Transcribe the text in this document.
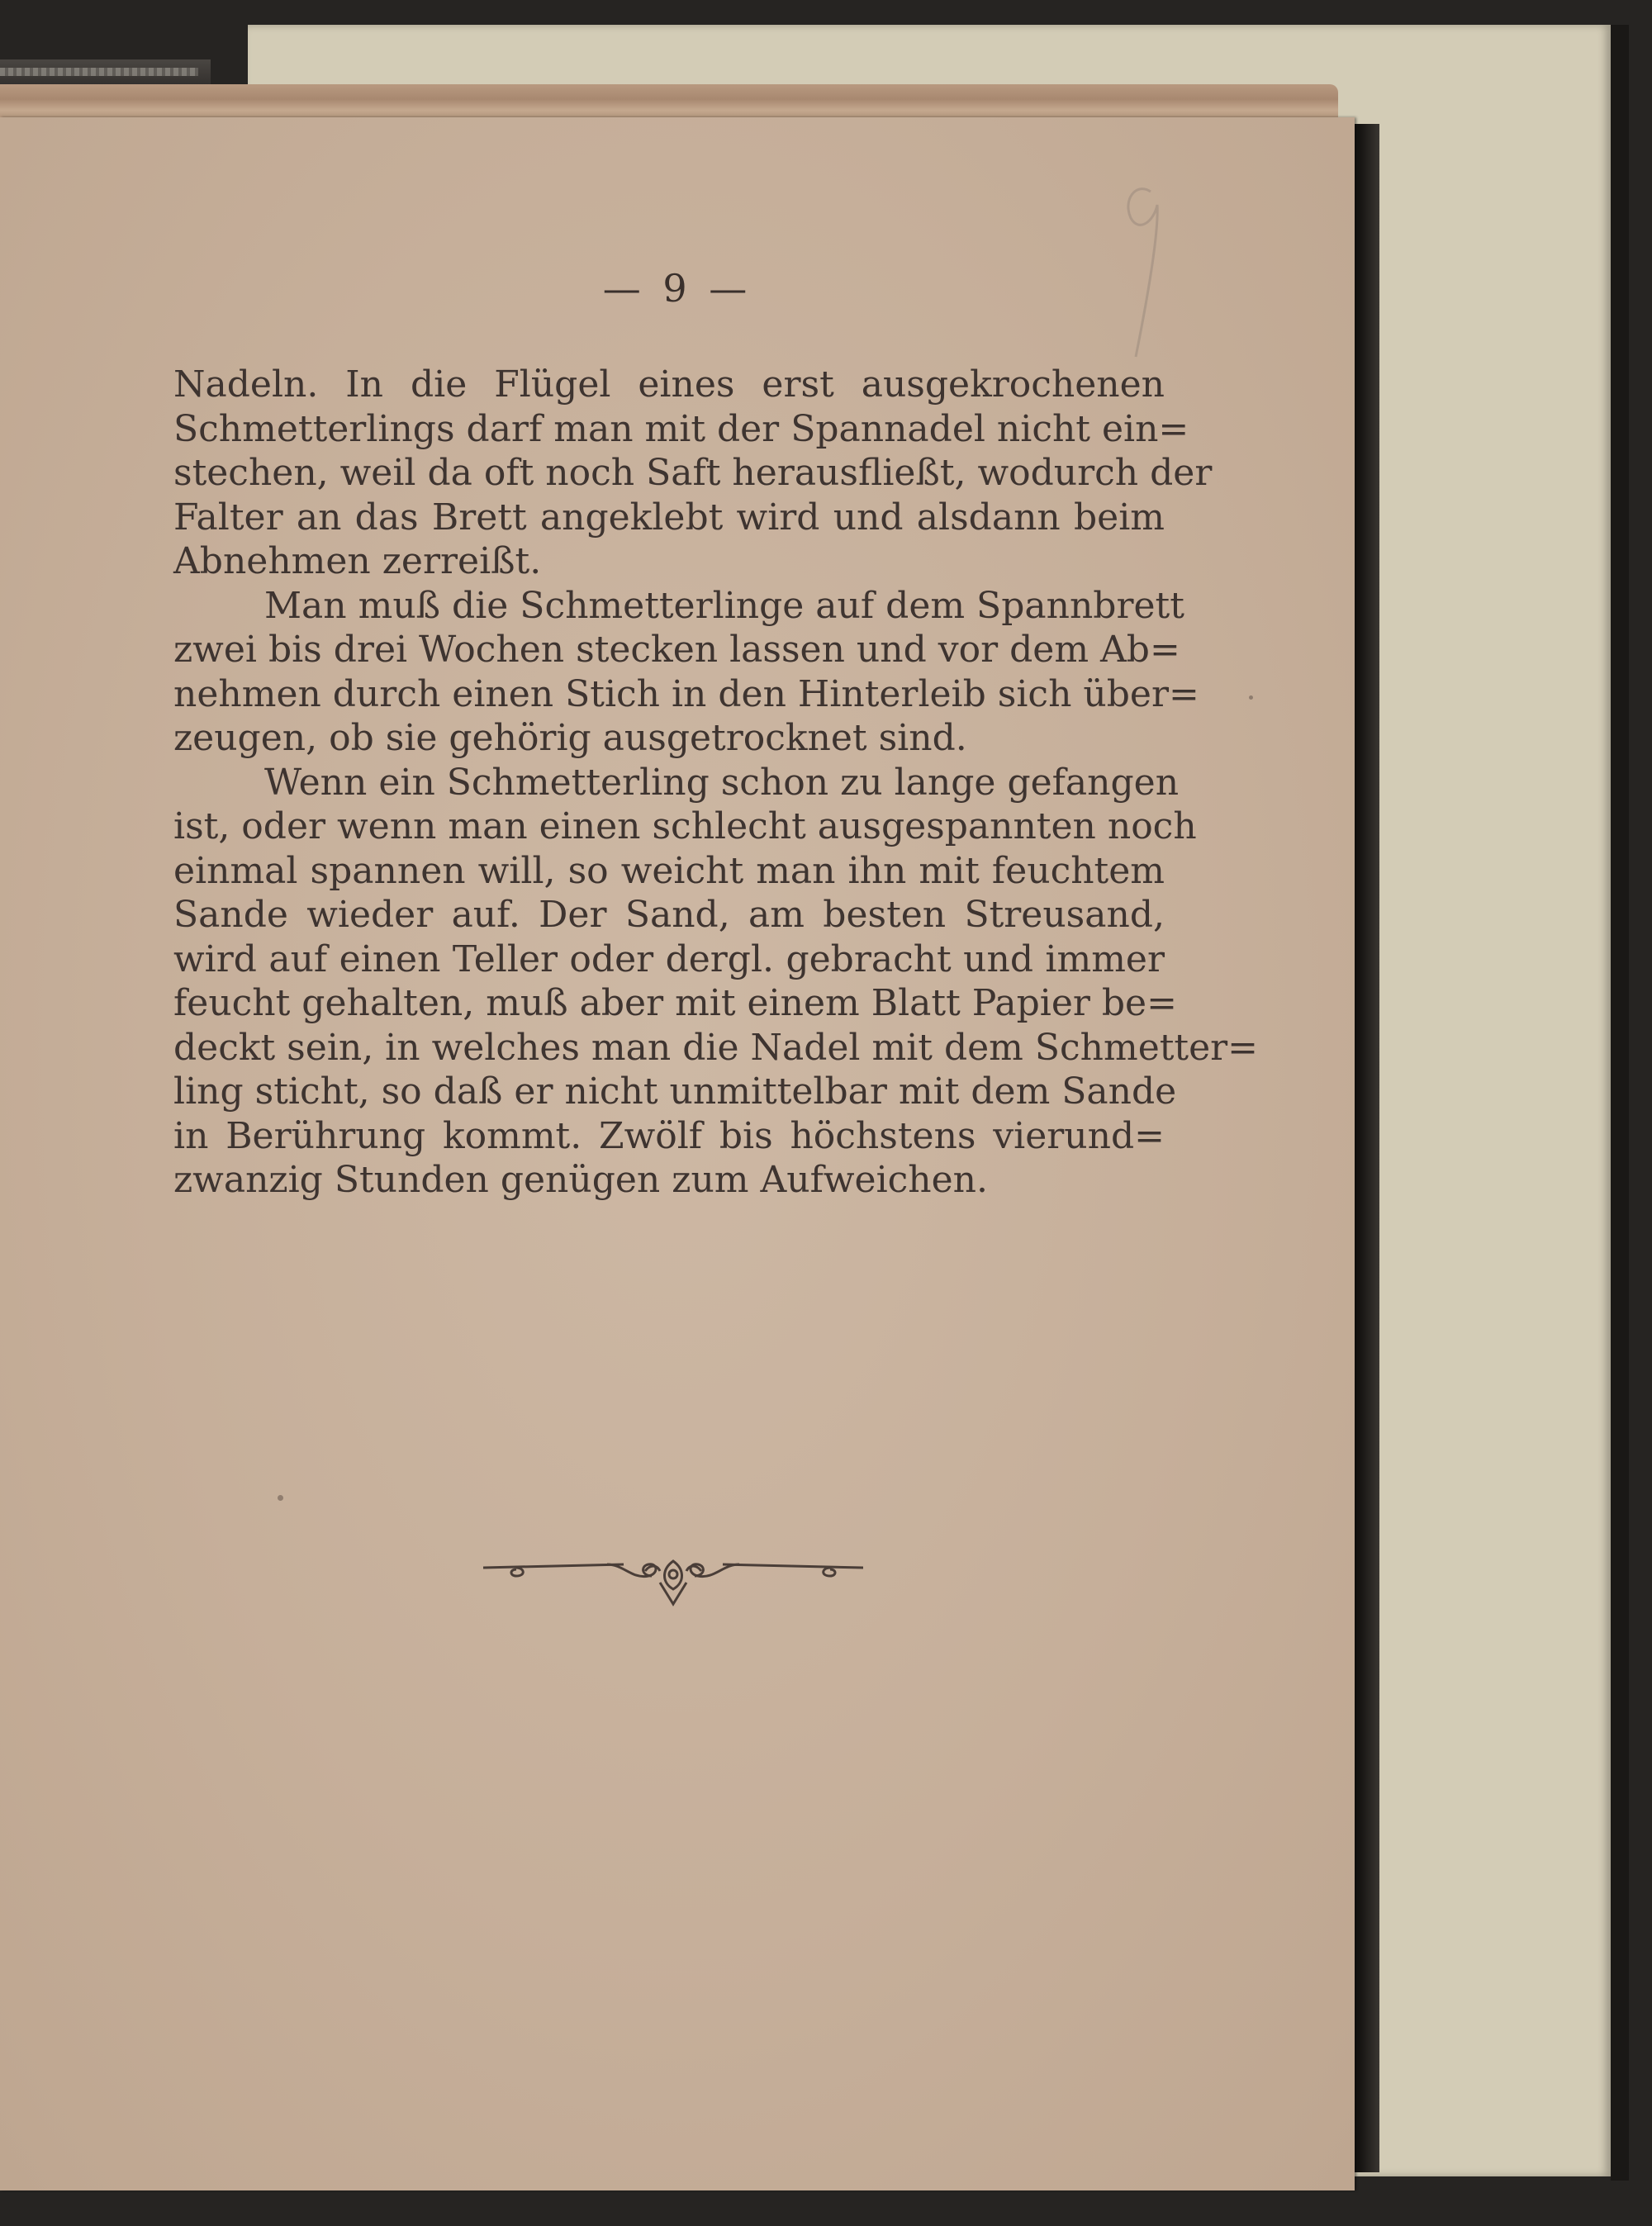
— 9 —
Nadeln. In die Flügel eines erst ausgekrochenen
Schmetterlings darf man mit der Spannadel nicht ein=
stechen, weil da oft noch Saft herausfließt, wodurch der
Falter an das Brett angeklebt wird und alsdann beim
Abnehmen zerreißt.
Man muß die Schmetterlinge auf dem Spannbrett
zwei bis drei Wochen stecken lassen und vor dem Ab=
nehmen durch einen Stich in den Hinterleib sich über=
zeugen, ob sie gehörig ausgetrocknet sind.
Wenn ein Schmetterling schon zu lange gefangen
ist, oder wenn man einen schlecht ausgespannten noch
einmal spannen will, so weicht man ihn mit feuchtem
Sande wieder auf. Der Sand, am besten Streusand,
wird auf einen Teller oder dergl. gebracht und immer
feucht gehalten, muß aber mit einem Blatt Papier be=
deckt sein, in welches man die Nadel mit dem Schmetter=
ling sticht, so daß er nicht unmittelbar mit dem Sande
in Berührung kommt. Zwölf bis höchstens vierund=
zwanzig Stunden genügen zum Aufweichen.
